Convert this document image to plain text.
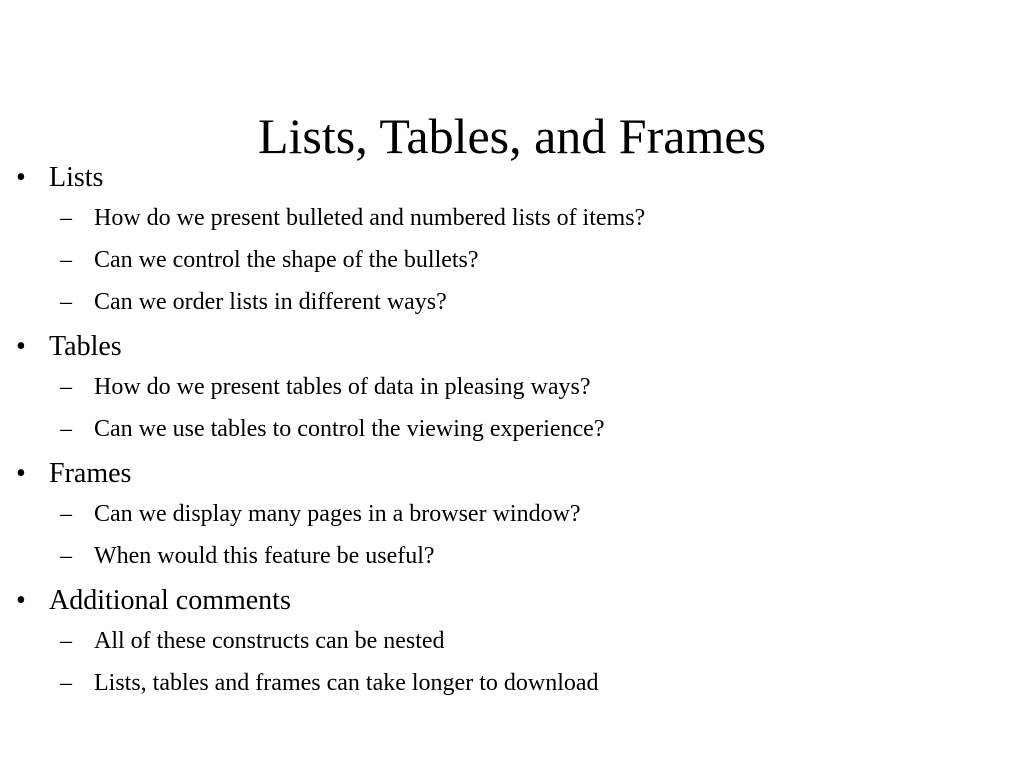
Lists, Tables, and Frames
• Lists
– How do we present bulleted and numbered lists of items?
– Can we control the shape of the bullets?
– Can we order lists in different ways?
• Tables
– How do we present tables of data in pleasing ways?
– Can we use tables to control the viewing experience?
• Frames
– Can we display many pages in a browser window?
– When would this feature be useful?
• Additional comments
– All of these constructs can be nested
– Lists, tables and frames can take longer to download
